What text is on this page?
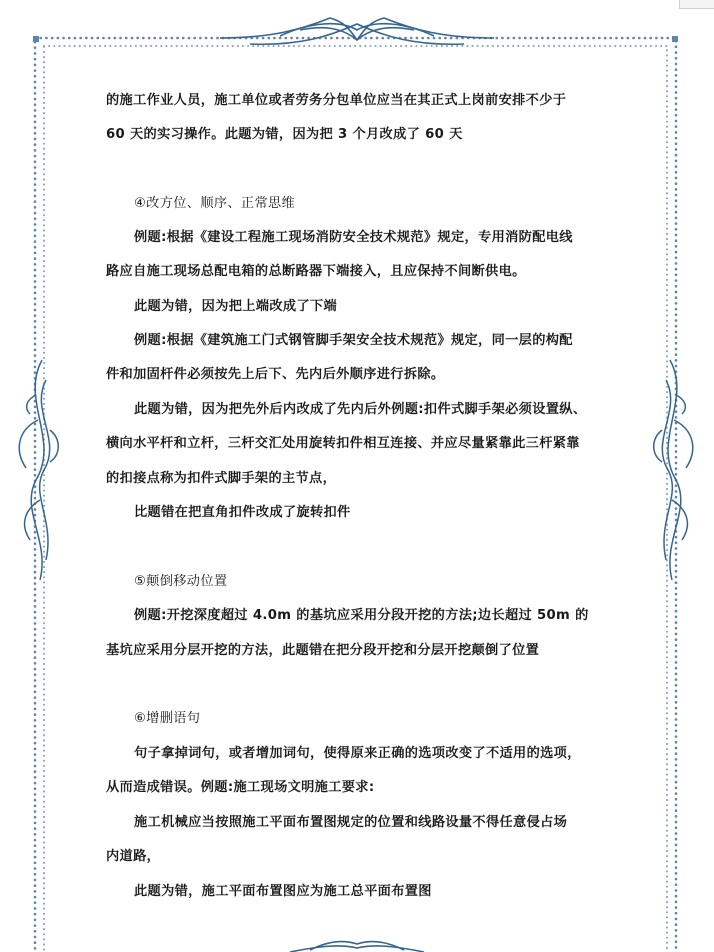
的施工作业人员，施工单位或者劳务分包单位应当在其正式上岗前安排不少于
60 天的实习操作。此题为错，因为把 3 个月改成了 60 天
④改方位、顺序、正常思维
例题:根据《建设工程施工现场消防安全技术规范》规定，专用消防配电线
路应自施工现场总配电箱的总断路器下端接入，且应保持不间断供电。
此题为错，因为把上端改成了下端
例题:根据《建筑施工门式钢管脚手架安全技术规范》规定，同一层的构配
件和加固杆件必须按先上后下、先内后外顺序进行拆除。
此题为错，因为把先外后内改成了先内后外例题:扣件式脚手架必须设置纵、
横向水平杆和立杆，三杆交汇处用旋转扣件相互连接、并应尽量紧靠此三杆紧靠
的扣接点称为扣件式脚手架的主节点，
比题错在把直角扣件改成了旋转扣件
⑤颠倒移动位置
例题:开挖深度超过 4.0m 的基坑应采用分段开挖的方法;边长超过 50m 的
基坑应采用分层开挖的方法，此题错在把分段开挖和分层开挖颠倒了位置
⑥增删语句
句子拿掉词句，或者增加词句，使得原来正确的选项改变了不适用的选项，
从而造成错误。例题:施工现场文明施工要求:
施工机械应当按照施工平面布置图规定的位置和线路设量不得任意侵占场
内道路，
此题为错，施工平面布置图应为施工总平面布置图
